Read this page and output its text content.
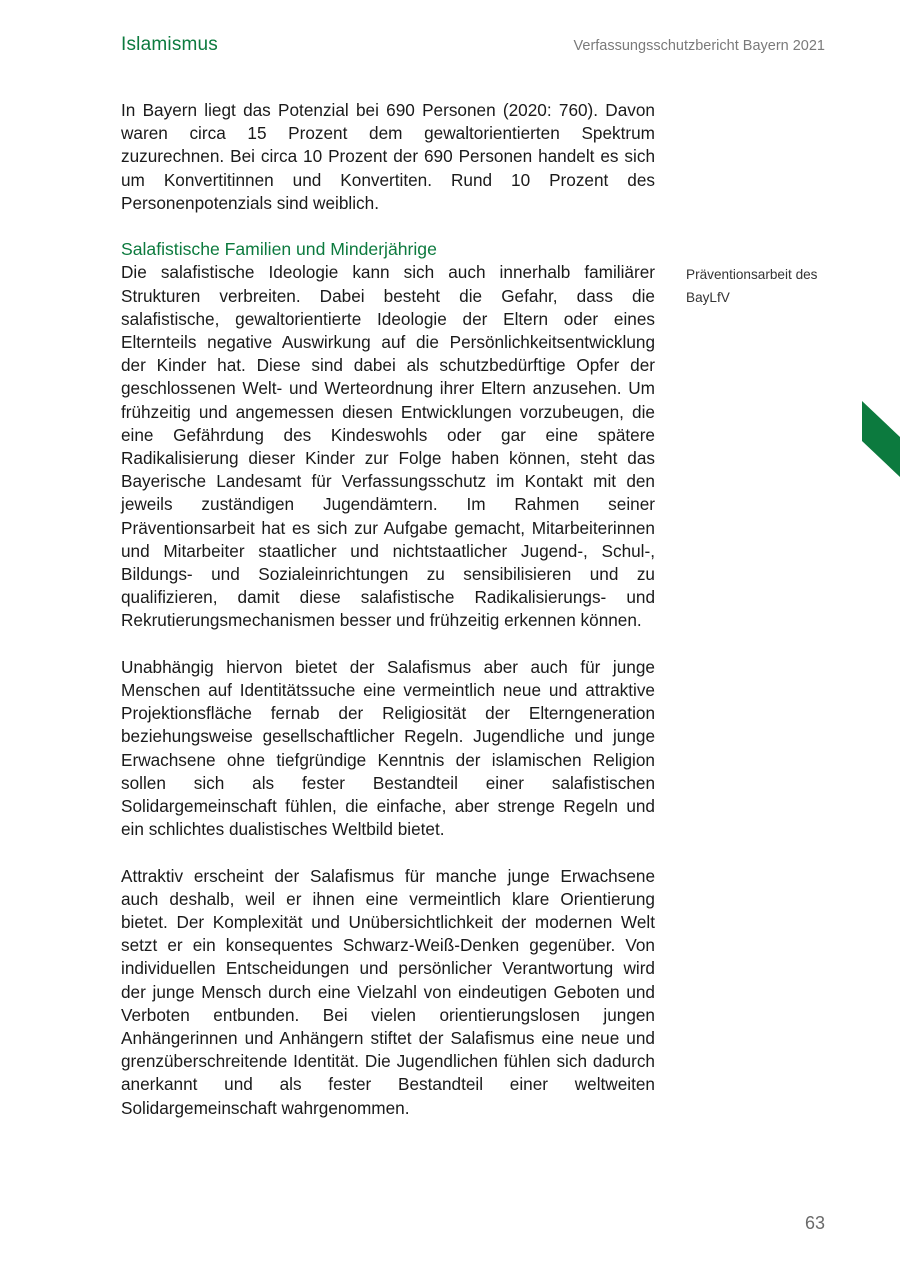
Islamismus	Verfassungsschutzbericht Bayern 2021

In Bayern liegt das Potenzial bei 690 Personen (2020: 760). Davon waren circa 15 Prozent dem gewaltorientierten Spektrum zuzurechnen. Bei circa 10 Prozent der 690 Personen handelt es sich um Konvertitinnen und Konvertiten. Rund 10 Prozent des Personenpotenzials sind weiblich.

Salafistische Familien und Minderjährige

Die salafistische Ideologie kann sich auch innerhalb familiärer Strukturen verbreiten. Dabei besteht die Gefahr, dass die salafistische, gewaltorientierte Ideologie der Eltern oder eines Elternteils negative Auswirkung auf die Persönlichkeitsentwicklung der Kinder hat. Diese sind dabei als schutzbedürftige Opfer der geschlossenen Welt- und Werteordnung ihrer Eltern anzusehen. Um frühzeitig und angemessen diesen Entwicklungen vorzubeugen, die eine Gefährdung des Kindeswohls oder gar eine spätere Radikalisierung dieser Kinder zur Folge haben können, steht das Bayerische Landesamt für Verfassungsschutz im Kontakt mit den jeweils zuständigen Jugendämtern. Im Rahmen seiner Präventionsarbeit hat es sich zur Aufgabe gemacht, Mitarbeiterinnen und Mitarbeiter staatlicher und nichtstaatlicher Jugend-, Schul-, Bildungs- und Sozialeinrichtungen zu sensibilisieren und zu qualifizieren, damit diese salafistische Radikalisierungs- und Rekrutierungsmechanismen besser und frühzeitig erkennen können.

Unabhängig hiervon bietet der Salafismus aber auch für junge Menschen auf Identitätssuche eine vermeintlich neue und attraktive Projektionsfläche fernab der Religiosität der Elterngeneration beziehungsweise gesellschaftlicher Regeln. Jugendliche und junge Erwachsene ohne tiefgründige Kenntnis der islamischen Religion sollen sich als fester Bestandteil einer salafistischen Solidargemeinschaft fühlen, die einfache, aber strenge Regeln und ein schlichtes dualistisches Weltbild bietet.

Attraktiv erscheint der Salafismus für manche junge Erwachsene auch deshalb, weil er ihnen eine vermeintlich klare Orientierung bietet. Der Komplexität und Unübersichtlichkeit der modernen Welt setzt er ein konsequentes Schwarz-Weiß-Denken gegenüber. Von individuellen Entscheidungen und persönlicher Verantwortung wird der junge Mensch durch eine Vielzahl von eindeutigen Geboten und Verboten entbunden. Bei vielen orientierungslosen jungen Anhängerinnen und Anhängern stiftet der Salafismus eine neue und grenzüberschreitende Identität. Die Jugendlichen fühlen sich dadurch anerkannt und als fester Bestandteil einer weltweiten Solidargemeinschaft wahrgenommen.

Präventionsarbeit des BayLfV
63
